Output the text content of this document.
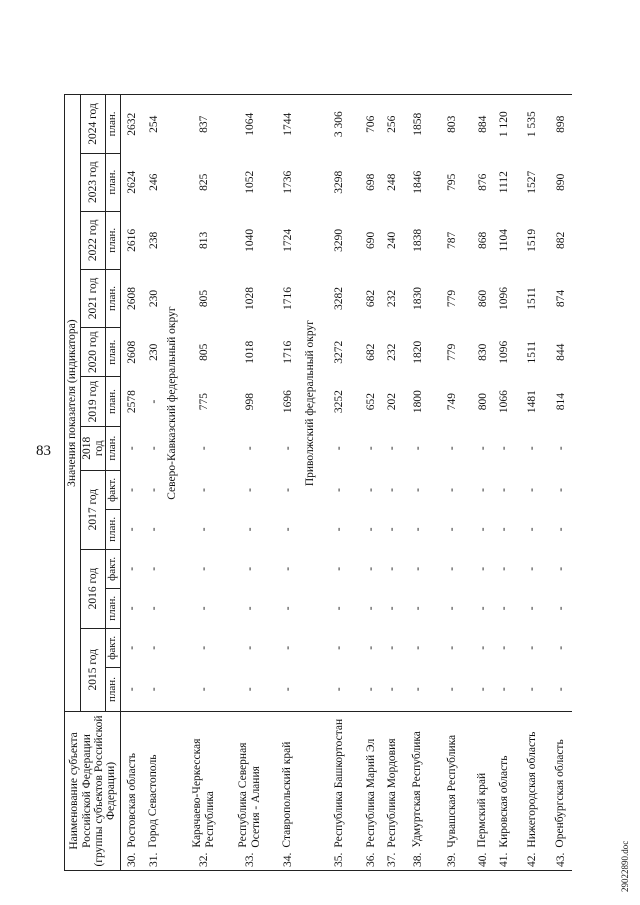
83
Наименование субъекта Российской Федерации (группы субъектов Российской Федерации)		Значения показателя (индикатора)												
		2015 год		2016 год		2017 год		2018 год	2019 год	2020 год	2021 год	2022 год	2023 год	2024 год
		план.	факт.	план.	факт.	план.	факт.	план.	план.	план.	план.	план.	план.	план.
30.	Ростовская область	-	-	-	-	-	-	-	2578	2608	2608	2616	2624	2632
31.	Город Севастополь	-	-	-	-	-	-	-	-	230	230	238	246	254
		Северо-Кавказский федеральный округ												
32.	Карачаево-Черкесская Республика	-	-	-	-	-	-	-	775	805	805	813	825	837
33.	Республика Северная Осетия - Алания	-	-	-	-	-	-	-	998	1018	1028	1040	1052	1064
34.	Ставропольский край	-	-	-	-	-	-	-	1696	1716	1716	1724	1736	1744
		Приволжский федеральный округ												
35.	Республика Башкортостан	-	-	-	-	-	-	-	3252	3272	3282	3290	3298	3 306
36.	Республика Марий Эл	-	-	-	-	-	-	-	652	682	682	690	698	706
37.	Республика Мордовия	-	-	-	-	-	-	-	202	232	232	240	248	256
38.	Удмуртская Республика	-	-	-	-	-	-	-	1800	1820	1830	1838	1846	1858
39.	Чувашская Республика	-	-	-	-	-	-	-	749	779	779	787	795	803
40.	Пермский край	-	-	-	-	-	-	-	800	830	860	868	876	884
41.	Кировская область	-	-	-	-	-	-	-	1066	1096	1096	1104	1112	1 120
42.	Нижегородская область	-	-	-	-	-	-	-	1481	1511	1511	1519	1527	1 535
43.	Оренбургская область	-	-	-	-	-	-	-	814	844	874	882	890	898
29022890.doc
